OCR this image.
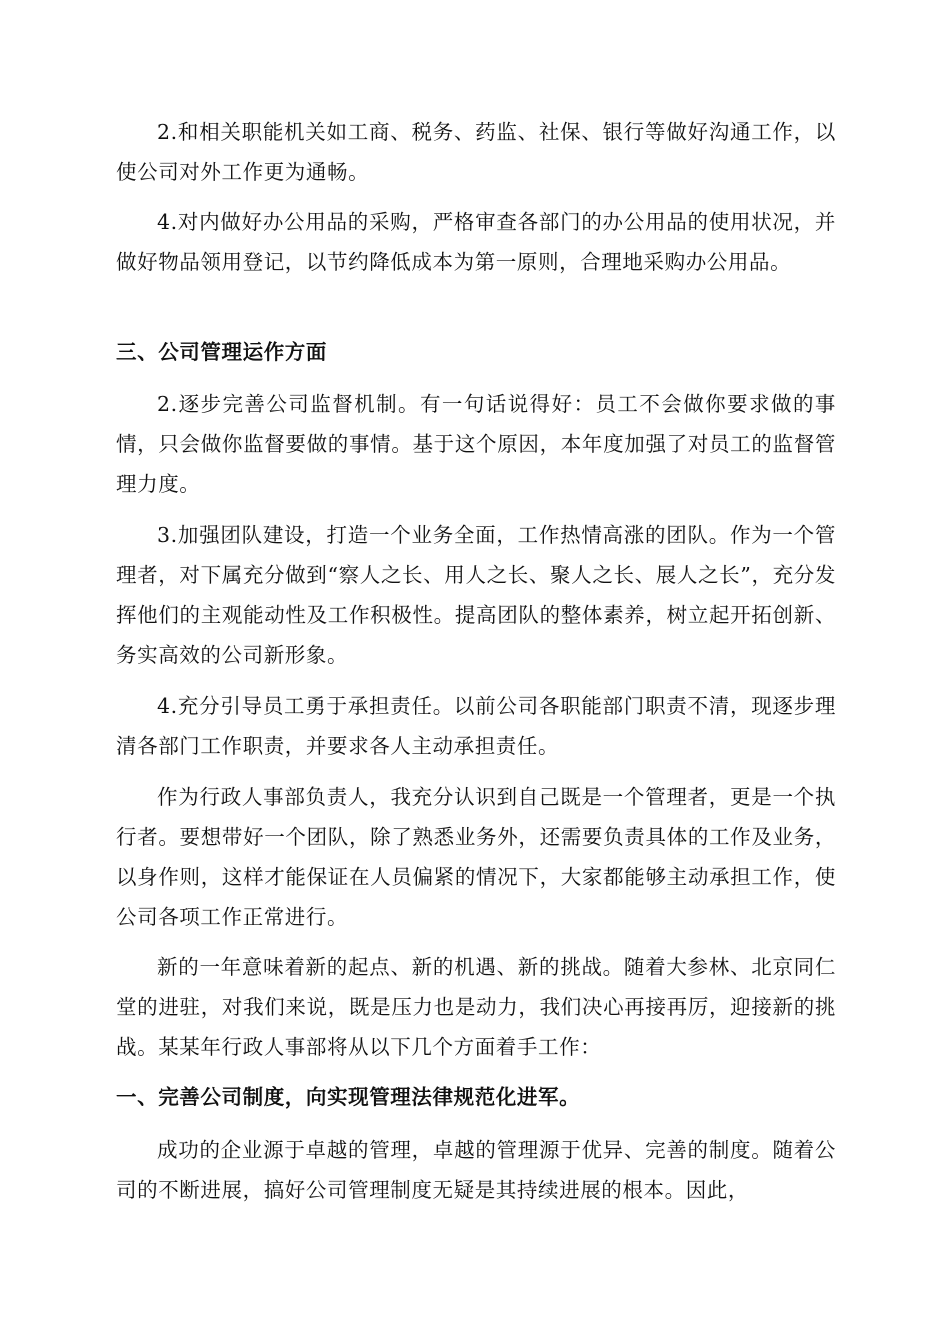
2.和相关职能机关如工商、税务、药监、社保、银行等做好沟通工作，以使公司对外工作更为通畅。

4.对内做好办公用品的采购，严格审查各部门的办公用品的使用状况，并做好物品领用登记，以节约降低成本为第一原则，合理地采购办公用品。

三、公司管理运作方面

2.逐步完善公司监督机制。有一句话说得好：员工不会做你要求做的事情，只会做你监督要做的事情。基于这个原因，本年度加强了对员工的监督管理力度。

3.加强团队建设，打造一个业务全面，工作热情高涨的团队。作为一个管理者，对下属充分做到“察人之长、用人之长、聚人之长、展人之长”，充分发挥他们的主观能动性及工作积极性。提高团队的整体素养，树立起开拓创新、务实高效的公司新形象。

4.充分引导员工勇于承担责任。以前公司各职能部门职责不清，现逐步理清各部门工作职责，并要求各人主动承担责任。

作为行政人事部负责人，我充分认识到自己既是一个管理者，更是一个执行者。要想带好一个团队，除了熟悉业务外，还需要负责具体的工作及业务，以身作则，这样才能保证在人员偏紧的情况下，大家都能够主动承担工作，使公司各项工作正常进行。

新的一年意味着新的起点、新的机遇、新的挑战。随着大参林、北京同仁堂的进驻，对我们来说，既是压力也是动力，我们决心再接再厉，迎接新的挑战。某某年行政人事部将从以下几个方面着手工作：

一、完善公司制度，向实现管理法律规范化进军。

成功的企业源于卓越的管理，卓越的管理源于优异、完善的制度。随着公司的不断进展，搞好公司管理制度无疑是其持续进展的根本。因此，
